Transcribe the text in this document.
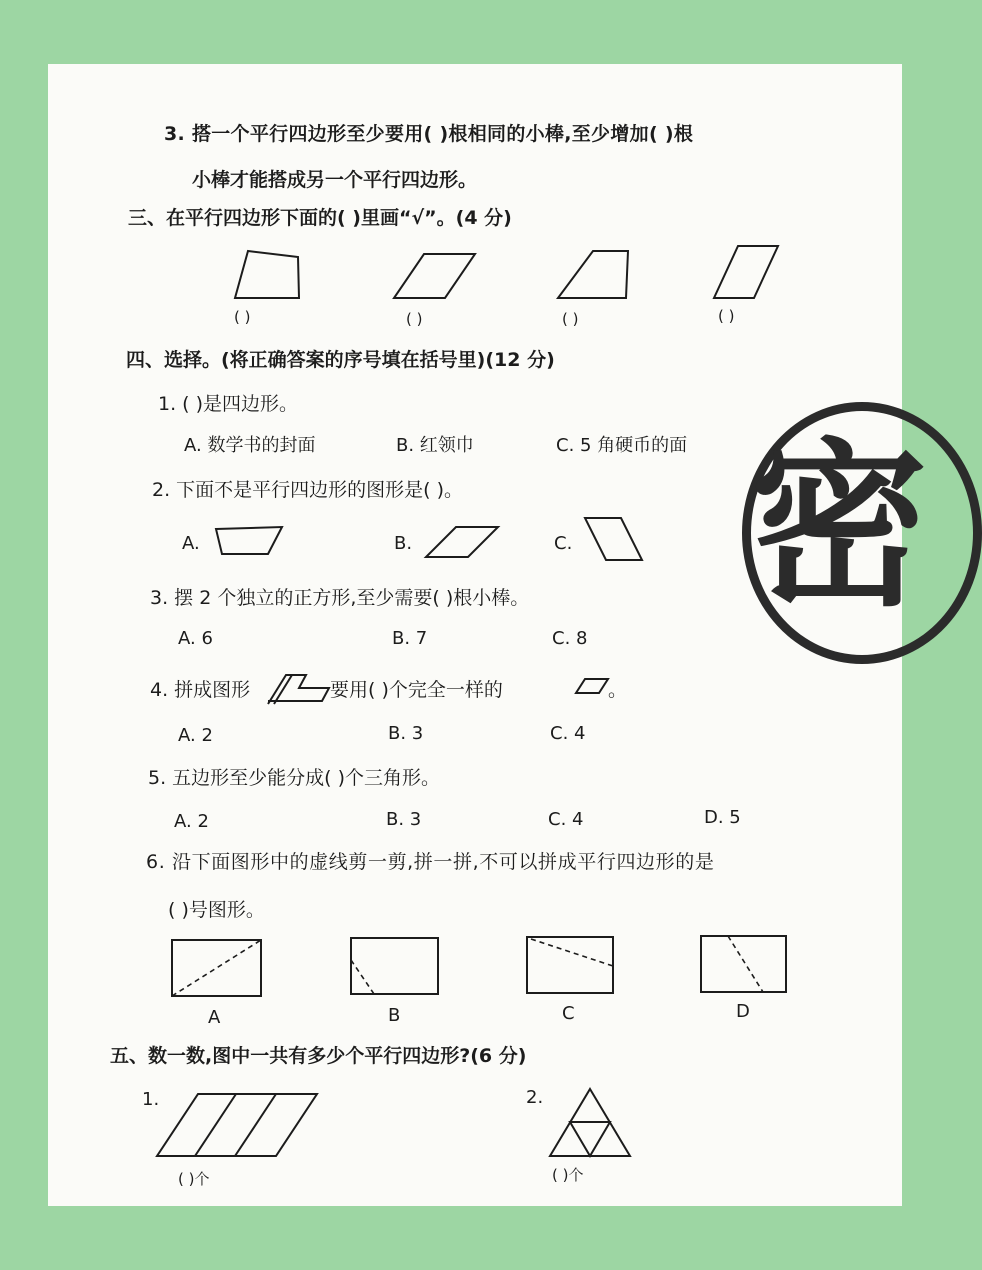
3. 搭一个平行四边形至少要用( )根相同的小棒,至少增加( )根
小棒才能搭成另一个平行四边形。
三、在平行四边形下面的( )里画“√”。(4 分)
( )	( )	( )	( )
四、选择。(将正确答案的序号填在括号里)(12 分)
1. ( )是四边形。
A. 数学书的封面	B. 红领巾	C. 5 角硬币的面
2. 下面不是平行四边形的图形是( )。
A.	B.	C.
3. 摆 2 个独立的正方形,至少需要( )根小棒。
A. 6	B. 7	C. 8
4. 拼成图形	要用( )个完全一样的	。
A. 2	B. 3	C. 4
5. 五边形至少能分成( )个三角形。
A. 2	B. 3	C. 4	D. 5
6. 沿下面图形中的虚线剪一剪,拼一拼,不可以拼成平行四边形的是
( )号图形。
A	B	C	D
五、数一数,图中一共有多少个平行四边形?(6 分)
1.	2.
( )个	( )个
密
